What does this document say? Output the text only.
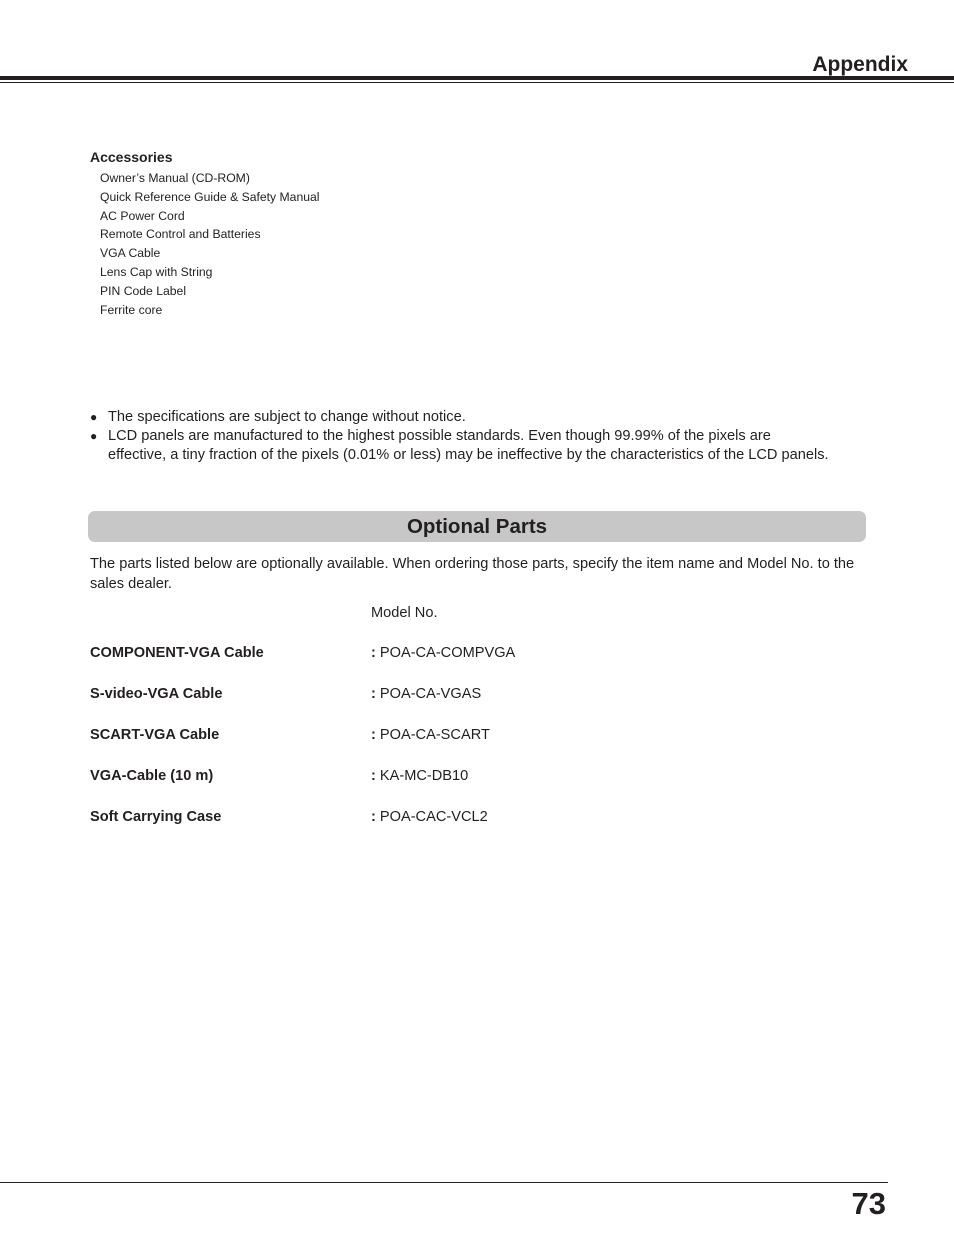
Appendix
Accessories
Owner’s Manual (CD-ROM)
Quick Reference Guide & Safety Manual
AC Power Cord
Remote Control and Batteries
VGA Cable
Lens Cap with String
PIN Code Label
Ferrite core
● The specifications are subject to change without notice.
● LCD panels are manufactured to the highest possible standards. Even though 99.99% of the pixels are effective, a tiny fraction of the pixels (0.01% or less) may be ineffective by the characteristics of the LCD panels.
Optional Parts

The parts listed below are optionally available. When ordering those parts, specify the item name and Model No. to the sales dealer.

Model No.
COMPONENT-VGA Cable	: POA-CA-COMPVGA
S-video-VGA Cable	: POA-CA-VGAS
SCART-VGA Cable	: POA-CA-SCART
VGA-Cable (10 m)	: KA-MC-DB10
Soft Carrying Case	: POA-CAC-VCL2
73
